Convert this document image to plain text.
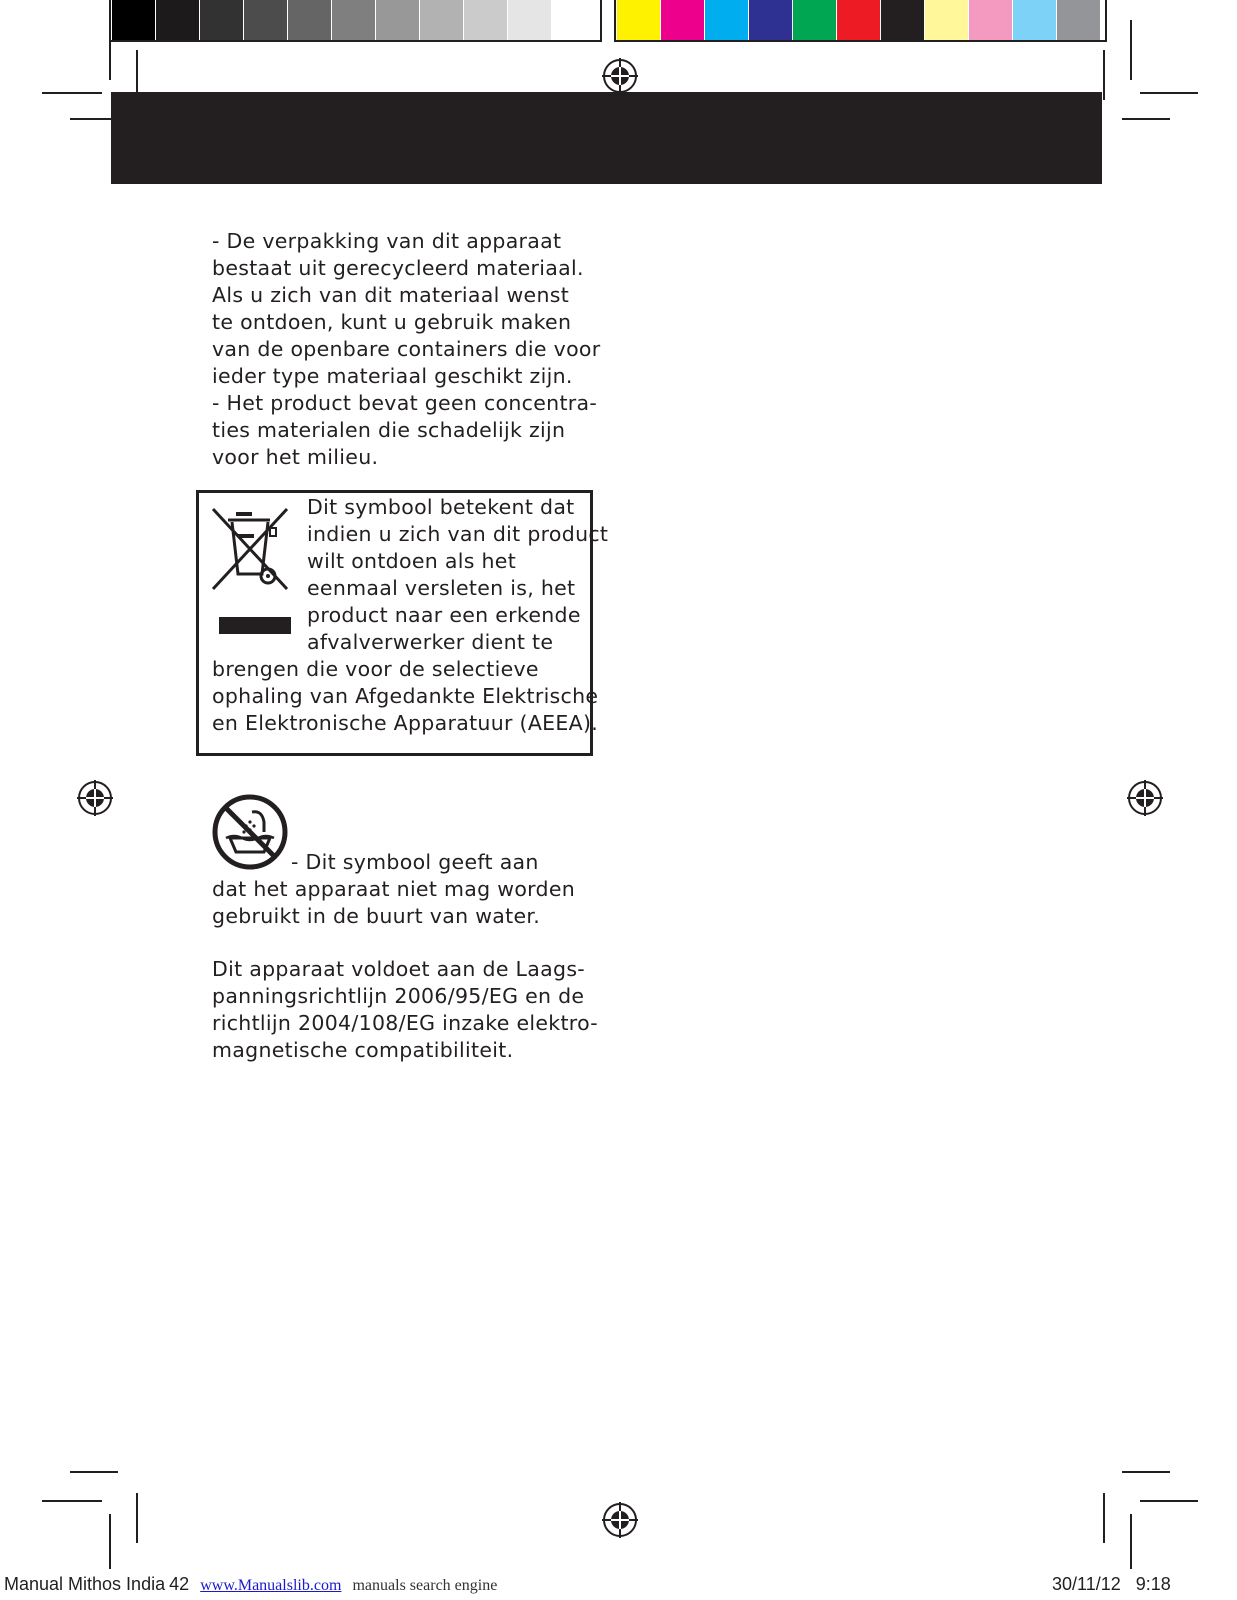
- De verpakking van dit apparaat
bestaat uit gerecycleerd materiaal.
Als u zich van dit materiaal wenst
te ontdoen, kunt u gebruik maken
van de openbare containers die voor
ieder type materiaal geschikt zijn.
- Het product bevat geen concentra-
ties materialen die schadelijk zijn
voor het milieu.

Dit symbool betekent dat
indien u zich van dit product
wilt ontdoen als het
eenmaal versleten is, het
product naar een erkende
afvalverwerker dient te

brengen die voor de selectieve
ophaling van Afgedankte Elektrische
en Elektronische Apparatuur (AEEA).

- Dit symbool geeft aan

dat het apparaat niet mag worden
gebruikt in de buurt van water.

Dit apparaat voldoet aan de Laags-
panningsrichtlijn 2006/95/EG en de
richtlijn 2004/108/EG inzake elektro-
magnetische compatibiliteit.

Manual Mithos India 42 www.Manualslib.com manuals search engine	30/11/12   9:18
